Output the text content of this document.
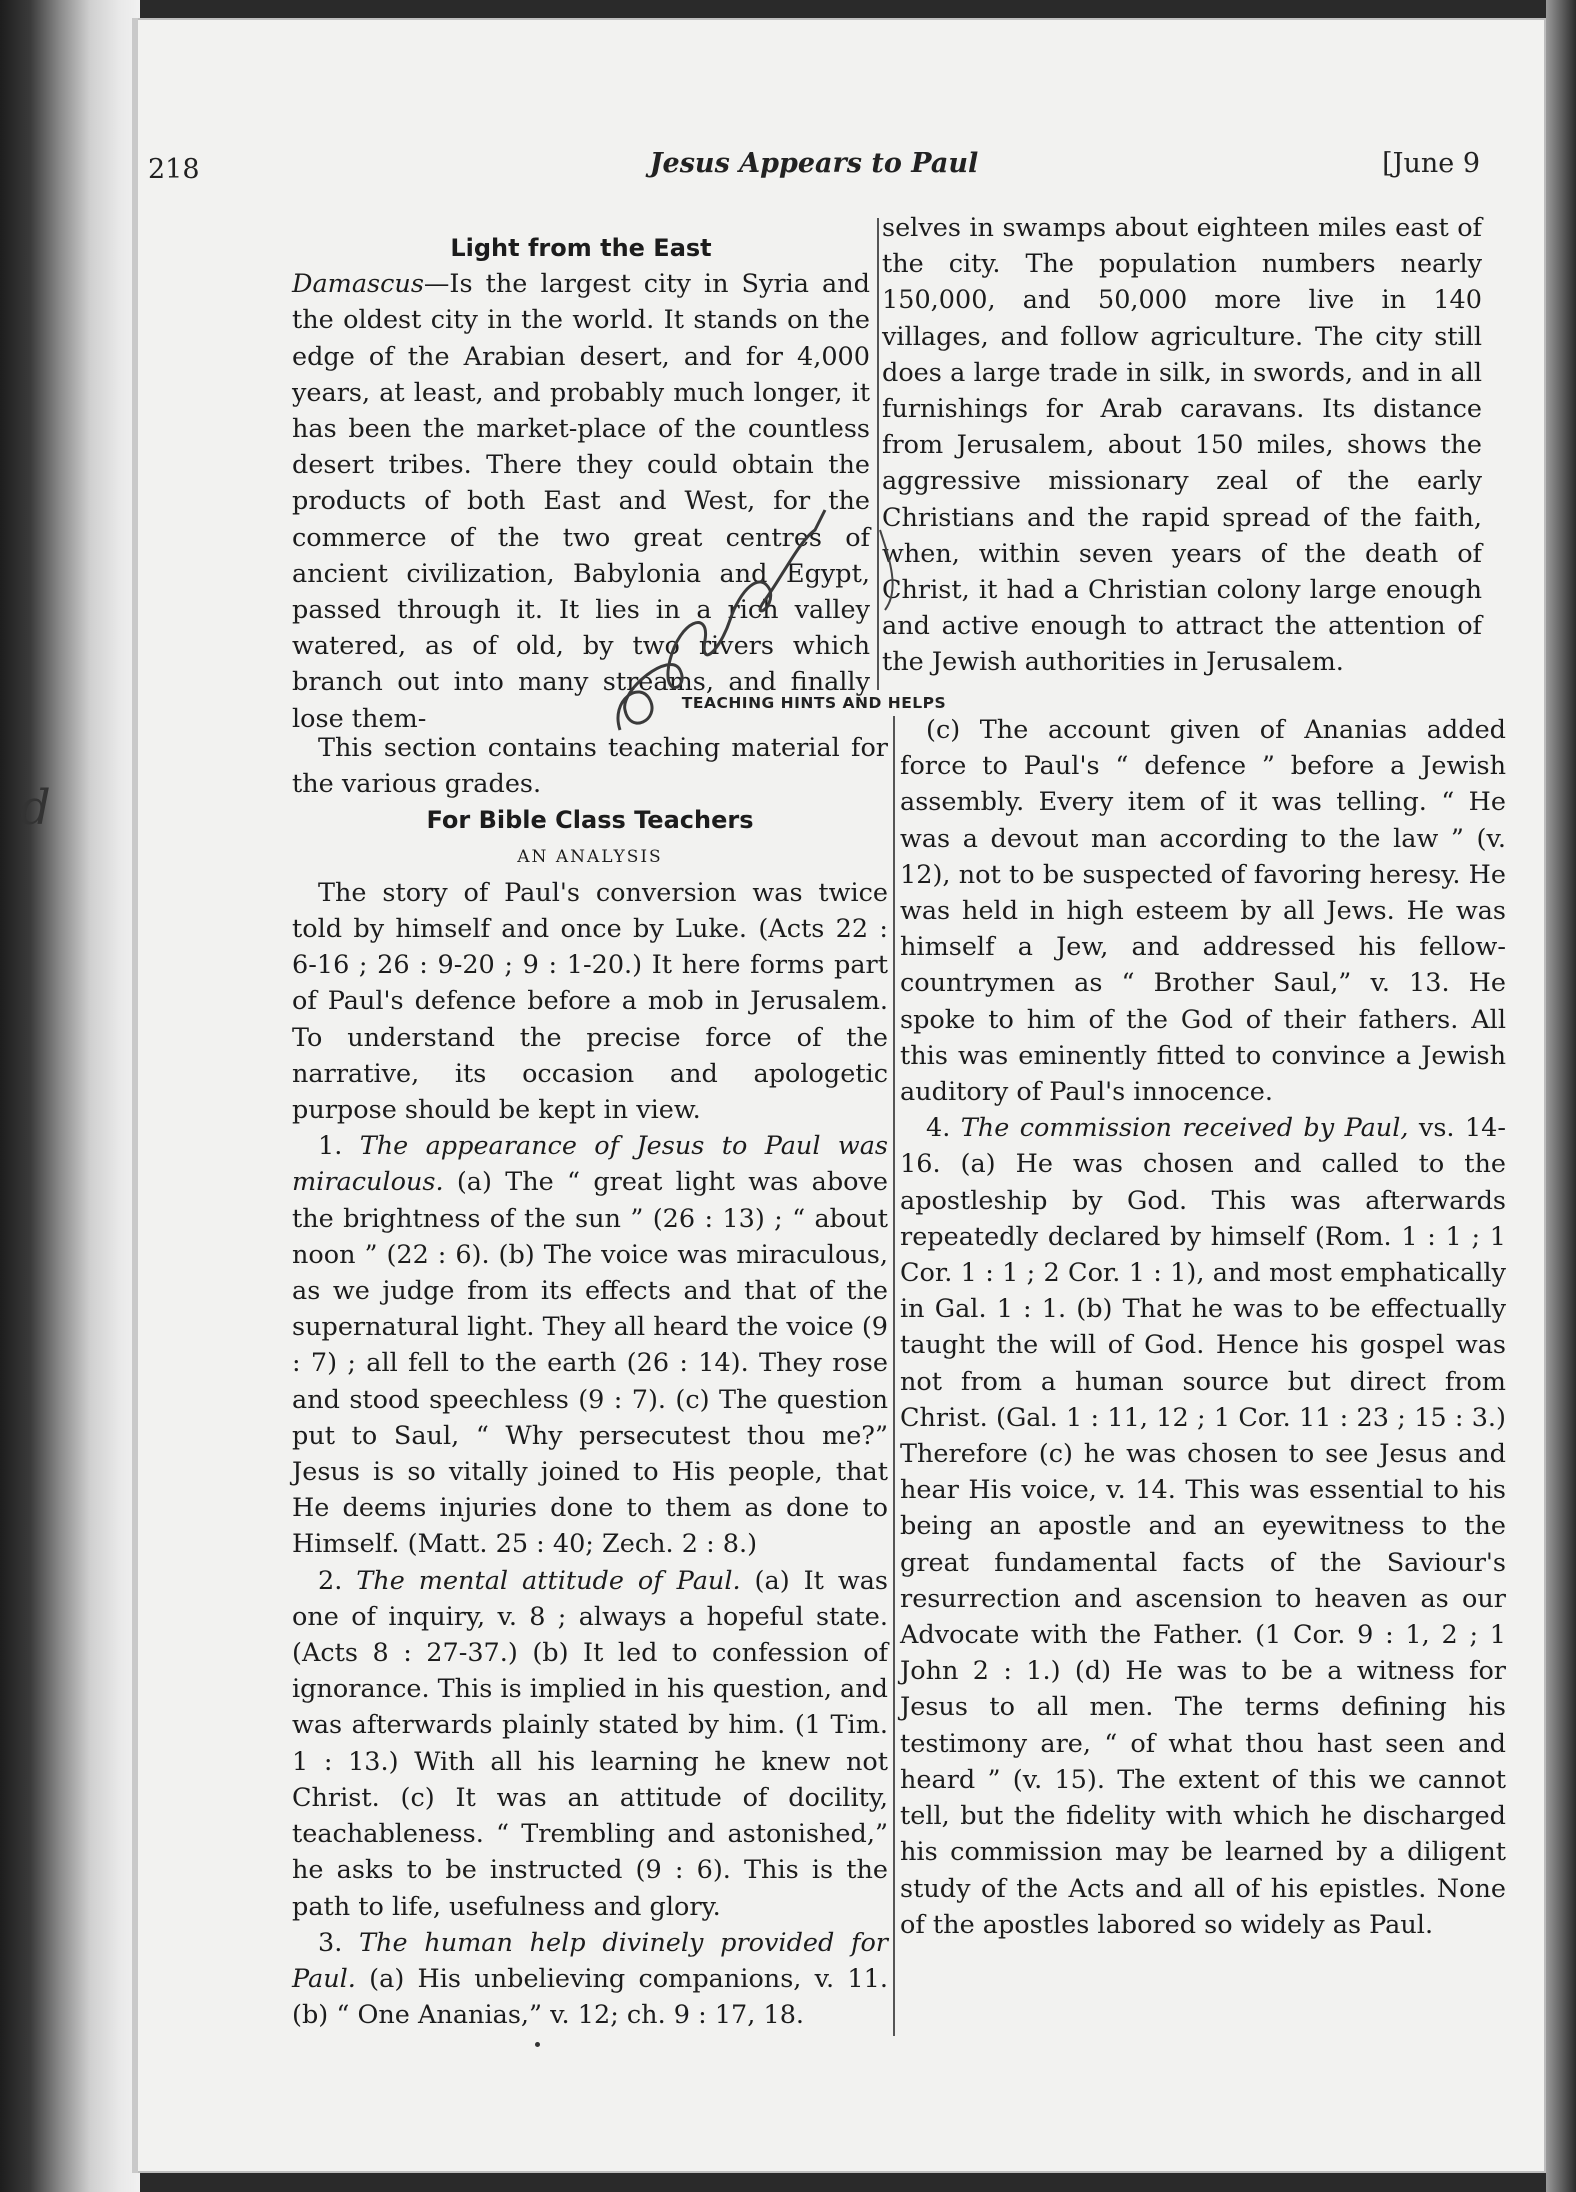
d
218	Jesus Appears to Paul	[June 9
Light from the East

Damascus—Is the largest city in Syria and the oldest city in the world. It stands on the edge of the Arabian desert, and for 4,000 years, at least, and probably much longer, it has been the market-place of the countless desert tribes. There they could obtain the products of both East and West, for the commerce of the two great centres of ancient civilization, Babylonia and Egypt, passed through it. It lies in a rich valley watered, as of old, by two rivers which branch out into many streams, and finally lose them-

selves in swamps about eighteen miles east of the city. The population numbers nearly 150,000, and 50,000 more live in 140 villages, and follow agriculture. The city still does a large trade in silk, in swords, and in all furnishings for Arab caravans. Its distance from Jerusalem, about 150 miles, shows the aggressive missionary zeal of the early Christians and the rapid spread of the faith, when, within seven years of the death of Christ, it had a Christian colony large enough and active enough to attract the attention of the Jewish authorities in Jerusalem.

TEACHING HINTS AND HELPS

This section contains teaching material for the various grades.

For Bible Class Teachers
AN ANALYSIS

The story of Paul's conversion was twice told by himself and once by Luke. (Acts 22 : 6-16 ; 26 : 9-20 ; 9 : 1-20.) It here forms part of Paul's defence before a mob in Jerusalem. To understand the precise force of the narrative, its occasion and apologetic purpose should be kept in view.

1. The appearance of Jesus to Paul was miraculous. (a) The “ great light was above the brightness of the sun ” (26 : 13) ; “ about noon ” (22 : 6). (b) The voice was miraculous, as we judge from its effects and that of the supernatural light. They all heard the voice (9 : 7) ; all fell to the earth (26 : 14). They rose and stood speechless (9 : 7). (c) The question put to Saul, “ Why persecutest thou me?” Jesus is so vitally joined to His people, that He deems injuries done to them as done to Himself. (Matt. 25 : 40; Zech. 2 : 8.)

2. The mental attitude of Paul. (a) It was one of inquiry, v. 8 ; always a hopeful state. (Acts 8 : 27-37.) (b) It led to confession of ignorance. This is implied in his question, and was afterwards plainly stated by him. (1 Tim. 1 : 13.) With all his learning he knew not Christ. (c) It was an attitude of docility, teachableness. “ Trembling and astonished,” he asks to be instructed (9 : 6). This is the path to life, usefulness and glory.

3. The human help divinely provided for Paul. (a) His unbelieving companions, v. 11. (b) “ One Ananias,” v. 12; ch. 9 : 17, 18.

(c) The account given of Ananias added force to Paul's “ defence ” before a Jewish assembly. Every item of it was telling. “ He was a devout man according to the law ” (v. 12), not to be suspected of favoring heresy. He was held in high esteem by all Jews. He was himself a Jew, and addressed his fellow-countrymen as “ Brother Saul,” v. 13. He spoke to him of the God of their fathers. All this was eminently fitted to convince a Jewish auditory of Paul's innocence.

4. The commission received by Paul, vs. 14-16. (a) He was chosen and called to the apostleship by God. This was afterwards repeatedly declared by himself (Rom. 1 : 1 ; 1 Cor. 1 : 1 ; 2 Cor. 1 : 1), and most emphatically in Gal. 1 : 1. (b) That he was to be effectually taught the will of God. Hence his gospel was not from a human source but direct from Christ. (Gal. 1 : 11, 12 ; 1 Cor. 11 : 23 ; 15 : 3.) Therefore (c) he was chosen to see Jesus and hear His voice, v. 14. This was essential to his being an apostle and an eyewitness to the great fundamental facts of the Saviour's resurrection and ascension to heaven as our Advocate with the Father. (1 Cor. 9 : 1, 2 ; 1 John 2 : 1.) (d) He was to be a witness for Jesus to all men. The terms defining his testimony are, “ of what thou hast seen and heard ” (v. 15). The extent of this we cannot tell, but the fidelity with which he discharged his commission may be learned by a diligent study of the Acts and all of his epistles. None of the apostles labored so widely as Paul.
